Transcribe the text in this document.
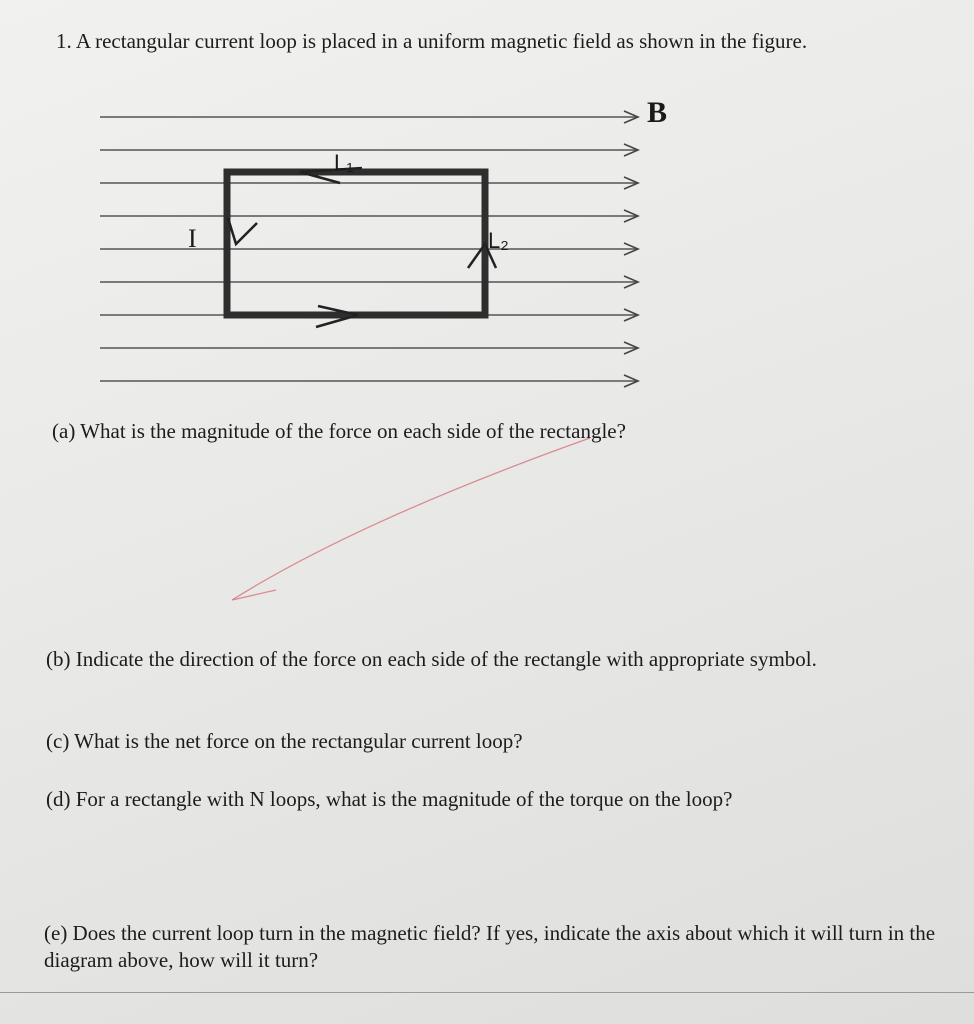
1. A rectangular current loop is placed in a uniform magnetic field as shown in the figure.
B
I
L₁
L₂
(a) What is the magnitude of the force on each side of the rectangle?
(b) Indicate the direction of the force on each side of the rectangle with appropriate symbol.
(c) What is the net force on the rectangular current loop?
(d) For a rectangle with N loops, what is the magnitude of the torque on the loop?
(e) Does the current loop turn in the magnetic field? If yes, indicate the axis about which it will turn in the diagram above, how will it turn?
